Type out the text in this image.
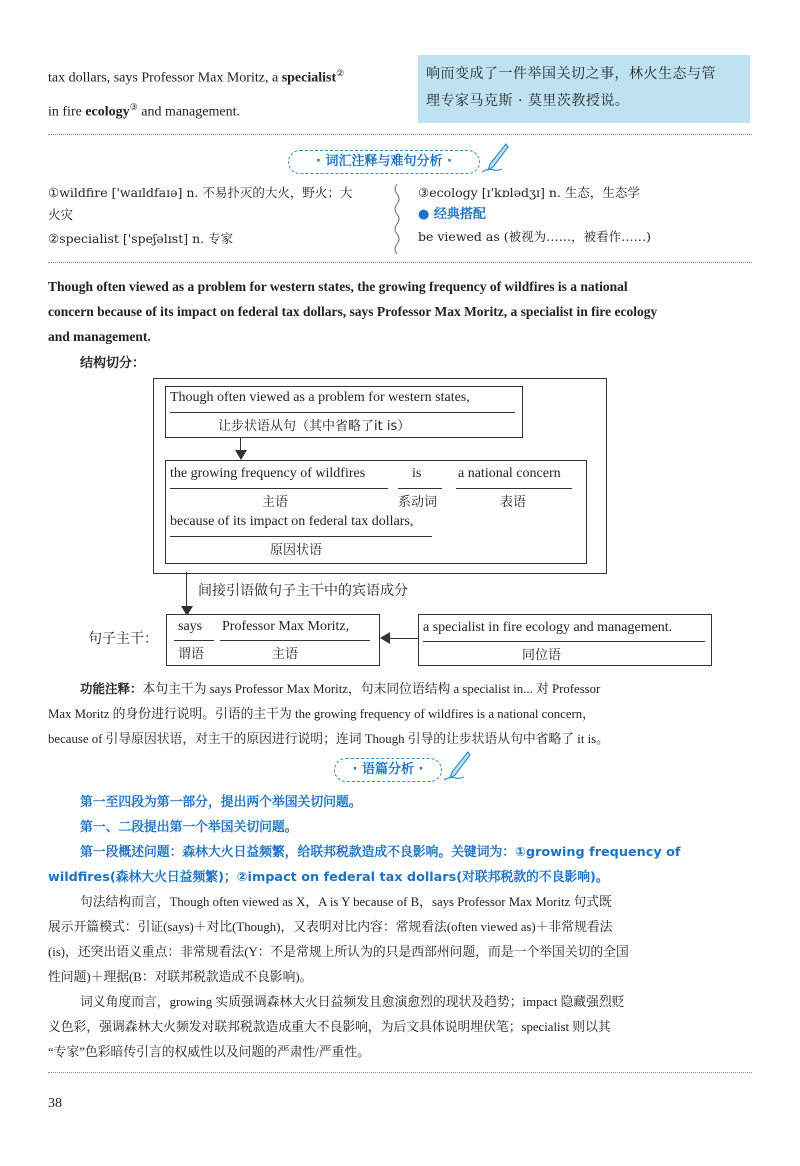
tax dollars, says Professor Max Moritz, a specialist②
in fire ecology③ and management.
响而变成了一件举国关切之事，林火生态与管
理专家马克斯 · 莫里茨教授说。
· 词汇注释与难句分析 ·
①wildfire ['waɪldfaɪə] n. 不易扑灭的大火，野火；大
火灾
②specialist ['speʃəlɪst] n. 专家
③ecology [ɪ'kɒlədʒɪ] n. 生态，生态学
● 经典搭配
be viewed as (被视为……，被看作……)
Though often viewed as a problem for western states, the growing frequency of wildfires is a national
concern because of its impact on federal tax dollars, says Professor Max Moritz, a specialist in fire ecology
and management.
结构切分：
Though often viewed as a problem for western states,
让步状语从句（其中省略了it is）
the growing frequency of wildfires
主语
is
系动词
a national concern
表语
because of its impact on federal tax dollars,
原因状语
间接引语做句子主干中的宾语成分
句子主干：
says
谓语
Professor Max Moritz,
主语
a specialist in fire ecology and management.
同位语
功能注释：本句主干为 says Professor Max Moritz，句末同位语结构 a specialist in... 对 Professor
Max Moritz 的身份进行说明。引语的主干为 the growing frequency of wildfires is a national concern，
because of 引导原因状语，对主干的原因进行说明；连词 Though 引导的让步状语从句中省略了 it is。
· 语篇分析 ·
第一至四段为第一部分，提出两个举国关切问题。
第一、二段提出第一个举国关切问题。
第一段概述问题：森林大火日益频繁，给联邦税款造成不良影响。关键词为：①growing frequency of
wildfires(森林大火日益频繁)；②impact on federal tax dollars(对联邦税款的不良影响)。
句法结构而言，Though often viewed as X，A is Y because of B，says Professor Max Moritz 句式既
展示开篇模式：引证(says)＋对比(Though)，又表明对比内容：常规看法(often viewed as)＋非常规看法
(is)，还突出语义重点：非常规看法(Y：不是常规上所认为的只是西部州问题，而是一个举国关切的全国
性问题)＋理据(B：对联邦税款造成不良影响)。
词义角度而言，growing 实质强调森林大火日益频发且愈演愈烈的现状及趋势；impact 隐藏强烈贬
义色彩，强调森林大火频发对联邦税款造成重大不良影响，为后文具体说明埋伏笔；specialist 则以其
“专家”色彩暗传引言的权威性以及问题的严肃性/严重性。
38
